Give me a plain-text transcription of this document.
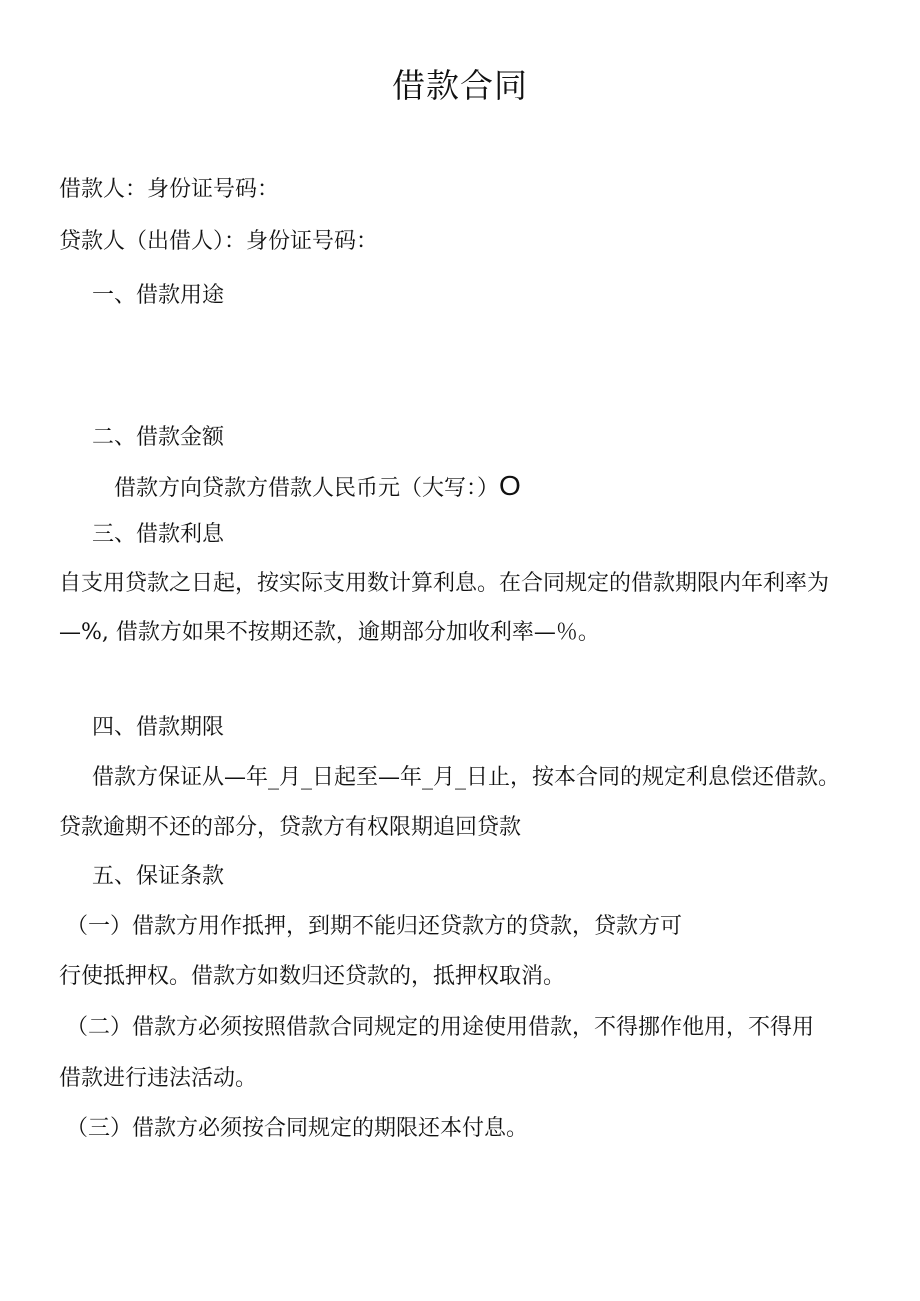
借款合同
借款人：身份证号码：
贷款人（出借人）：身份证号码：
一、借款用途
二、借款金额
借款方向贷款方借款人民币元（大写：）O
三、借款利息
自支用贷款之日起，按实际支用数计算利息。在合同规定的借款期限内年利率为
—%, 借款方如果不按期还款，逾期部分加收利率—％。
四、借款期限
借款方保证从—年_月_日起至—年_月_日止，按本合同的规定利息偿还借款。
贷款逾期不还的部分，贷款方有权限期追回贷款
五、保证条款
（一）借款方用作抵押，到期不能归还贷款方的贷款，贷款方可
行使抵押权。借款方如数归还贷款的，抵押权取消。
（二）借款方必须按照借款合同规定的用途使用借款，不得挪作他用，不得用
借款进行违法活动。
（三）借款方必须按合同规定的期限还本付息。
